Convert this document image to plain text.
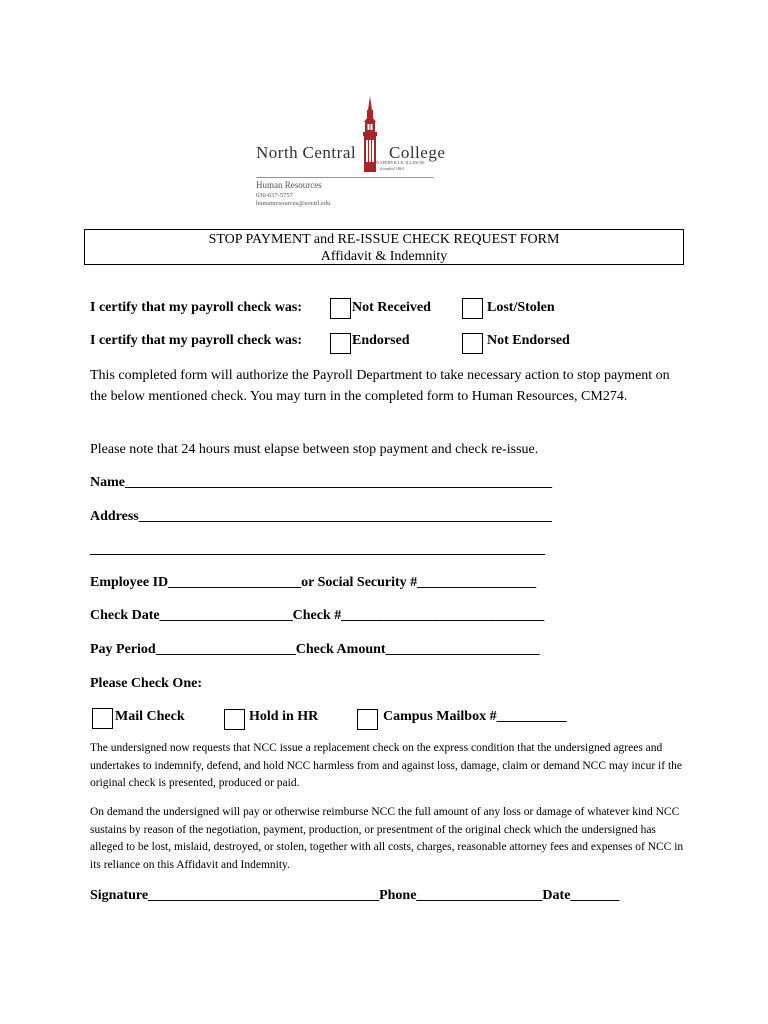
North Central College
NAPERVILLE, ILLINOIS
founded 1861
Human Resources
630-637-5757
humanresources@noctrl.edu
STOP PAYMENT and RE-ISSUE CHECK REQUEST FORM
Affidavit & Indemnity
I certify that my payroll check was:	Not Received	Lost/Stolen
I certify that my payroll check was:	Endorsed	Not Endorsed
This completed form will authorize the Payroll Department to take necessary action to stop payment on the below mentioned check. You may turn in the completed form to Human Resources, CM274.
Please note that 24 hours must elapse between stop payment and check re-issue.
Name_____________________________________________________________
Address___________________________________________________________
_________________________________________________________________
Employee ID___________________or Social Security #_________________
Check Date___________________Check #_____________________________
Pay Period____________________Check Amount______________________
Please Check One:
Mail Check	Hold in HR	Campus Mailbox #__________
The undersigned now requests that NCC issue a replacement check on the express condition that the undersigned agrees and undertakes to indemnify, defend, and hold NCC harmless from and against loss, damage, claim or demand NCC may incur if the original check is presented, produced or paid.
On demand the undersigned will pay or otherwise reimburse NCC the full amount of any loss or damage of whatever kind NCC sustains by reason of the negotiation, payment, production, or presentment of the original check which the undersigned has alleged to be lost, mislaid, destroyed, or stolen, together with all costs, charges, reasonable attorney fees and expenses of NCC in its reliance on this Affidavit and Indemnity.
Signature_________________________________Phone__________________Date_______
